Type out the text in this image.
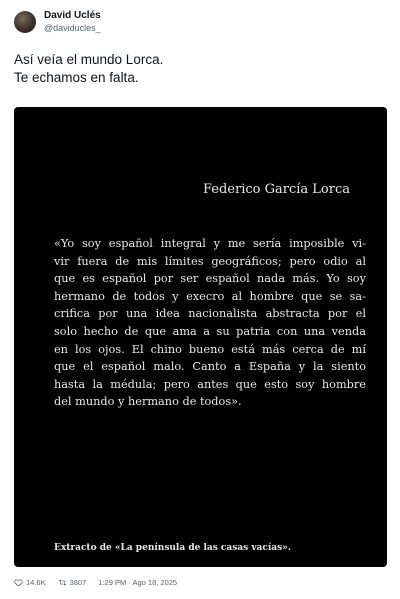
David Uclés
@daviducles_
Así veía el mundo Lorca.
Te echamos en falta.
Federico García Lorca
«Yo soy español integral y me sería imposible vi-
vir fuera de mis límites geográficos; pero odio al
que es español por ser español nada más. Yo soy
hermano de todos y execro al hombre que se sa-
crifica por una idea nacionalista abstracta por el
solo hecho de que ama a su patria con una venda
en los ojos. El chino bueno está más cerca de mí
que el español malo. Canto a España y la siento
hasta la médula; pero antes que esto soy hombre
del mundo y hermano de todos».
Extracto de «La península de las casas vacías».
14.6K	3807 1:29 PM · Ago 18, 2025
